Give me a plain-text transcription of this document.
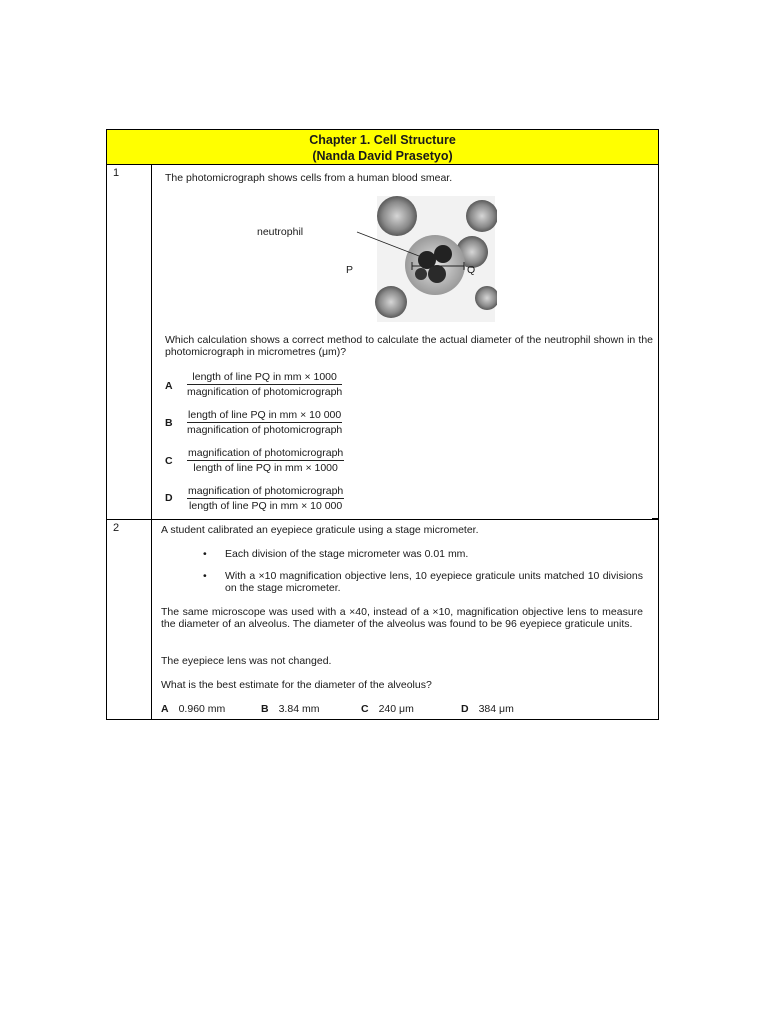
Chapter 1. Cell Structure
(Nanda David Prasetyo)
1	The photomicrograph shows cells from a human blood smear.
neutrophil
P	Q
Which calculation shows a correct method to calculate the actual diameter of the neutrophil shown in the photomicrograph in micrometres (μm)?
A
length of line PQ in mm × 1000
magnification of photomicrograph
B
length of line PQ in mm × 10 000
magnification of photomicrograph
C
magnification of photomicrograph
length of line PQ in mm × 1000
D
magnification of photomicrograph
length of line PQ in mm × 10 000
2	A student calibrated an eyepiece graticule using a stage micrometer.
• Each division of the stage micrometer was 0.01 mm.
• With a ×10 magnification objective lens, 10 eyepiece graticule units matched 10 divisions on the stage micrometer.
The same microscope was used with a ×40, instead of a ×10, magnification objective lens to measure the diameter of an alveolus. The diameter of the alveolus was found to be 96 eyepiece graticule units.
The eyepiece lens was not changed.
What is the best estimate for the diameter of the alveolus?
A 0.960 mm	B 3.84 mm	C 240 μm	D 384 μm
